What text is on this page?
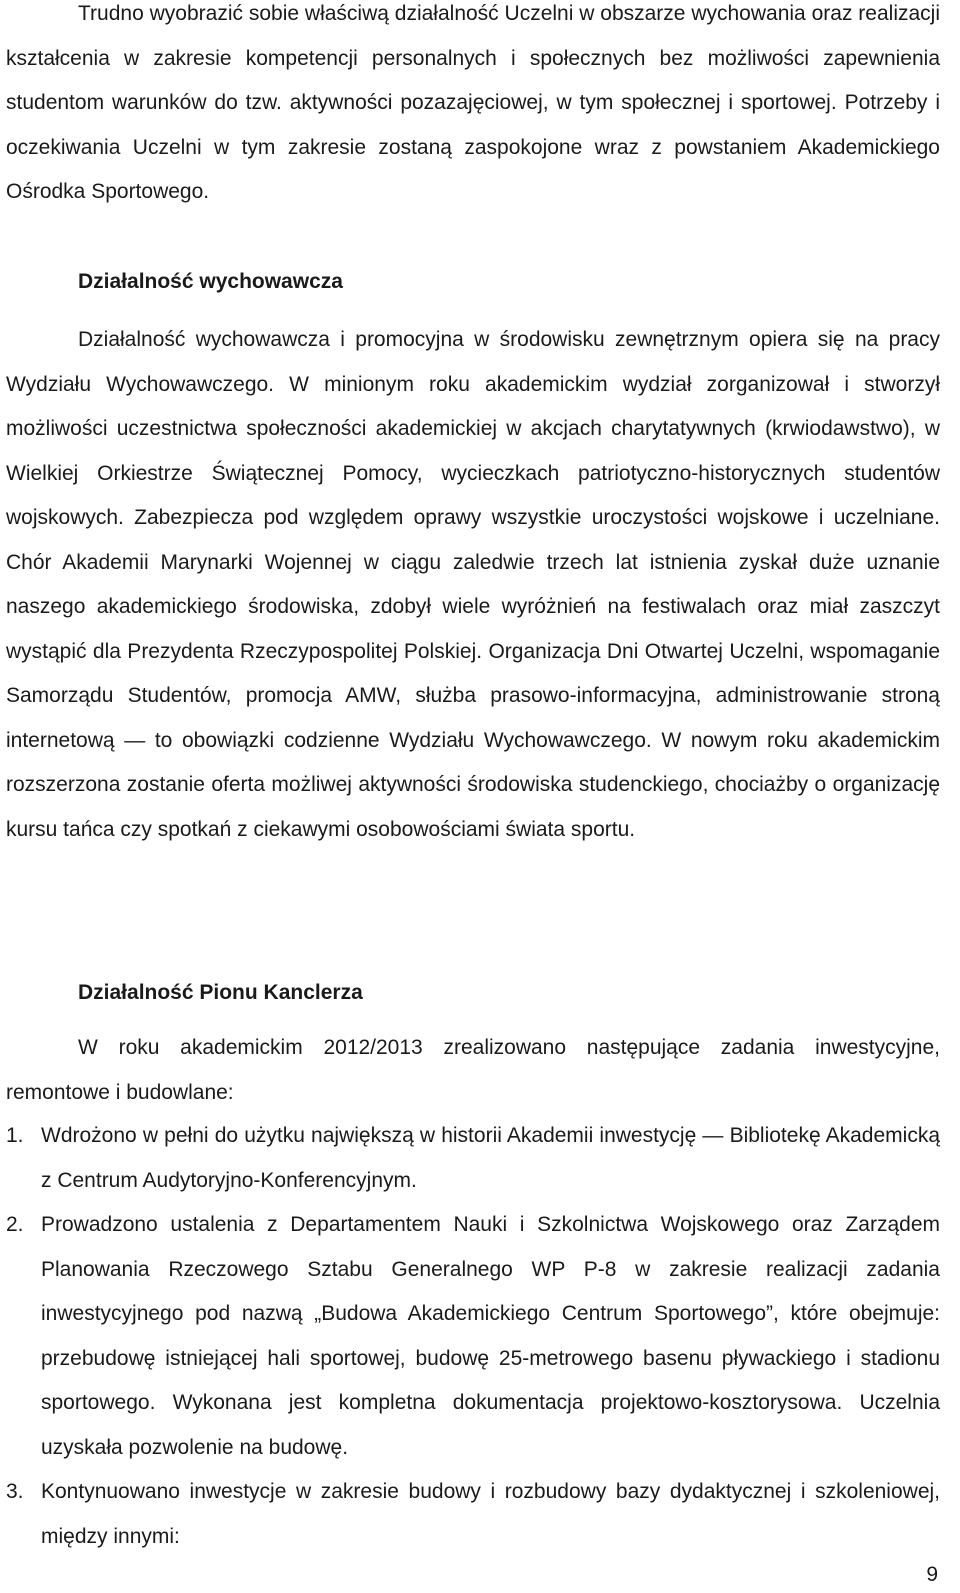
Trudno wyobrazić sobie właściwą działalność Uczelni w obszarze wychowania oraz realizacji kształcenia w zakresie kompetencji personalnych i społecznych bez możliwości zapewnienia studentom warunków do tzw. aktywności pozazajęciowej, w tym społecznej i sportowej. Potrzeby i oczekiwania Uczelni w tym zakresie zostaną zaspokojone wraz z powstaniem Akademickiego Ośrodka Sportowego.

Działalność wychowawcza

Działalność wychowawcza i promocyjna w środowisku zewnętrznym opiera się na pracy Wydziału Wychowawczego. W minionym roku akademickim wydział zorganizował i stworzył możliwości uczestnictwa społeczności akademickiej w akcjach charytatywnych (krwiodawstwo), w Wielkiej Orkiestrze Świątecznej Pomocy, wycieczkach patriotyczno-historycznych studentów wojskowych. Zabezpiecza pod względem oprawy wszystkie uroczystości wojskowe i uczelniane. Chór Akademii Marynarki Wojennej w ciągu zaledwie trzech lat istnienia zyskał duże uznanie naszego akademickiego środowiska, zdobył wiele wyróżnień na festiwalach oraz miał zaszczyt wystąpić dla Prezydenta Rzeczypospolitej Polskiej. Organizacja Dni Otwartej Uczelni, wspomaganie Samorządu Studentów, promocja AMW, służba prasowo-informacyjna, administrowanie stroną internetową — to obowiązki codzienne Wydziału Wychowawczego. W nowym roku akademickim rozszerzona zostanie oferta możliwej aktywności środowiska studenckiego, chociażby o organizację kursu tańca czy spotkań z ciekawymi osobowościami świata sportu.

Działalność Pionu Kanclerza

W roku akademickim 2012/2013 zrealizowano następujące zadania inwestycyjne, remontowe i budowlane:

1. Wdrożono w pełni do użytku największą w historii Akademii inwestycję — Bibliotekę Akademicką z Centrum Audytoryjno-Konferencyjnym.
2. Prowadzono ustalenia z Departamentem Nauki i Szkolnictwa Wojskowego oraz Zarządem Planowania Rzeczowego Sztabu Generalnego WP P-8 w zakresie realizacji zadania inwestycyjnego pod nazwą „Budowa Akademickiego Centrum Sportowego”, które obejmuje: przebudowę istniejącej hali sportowej, budowę 25-metrowego basenu pływackiego i stadionu sportowego. Wykonana jest kompletna dokumentacja projektowo-kosztorysowa. Uczelnia uzyskała pozwolenie na budowę.
3. Kontynuowano inwestycje w zakresie budowy i rozbudowy bazy dydaktycznej i szkoleniowej, między innymi:
9
